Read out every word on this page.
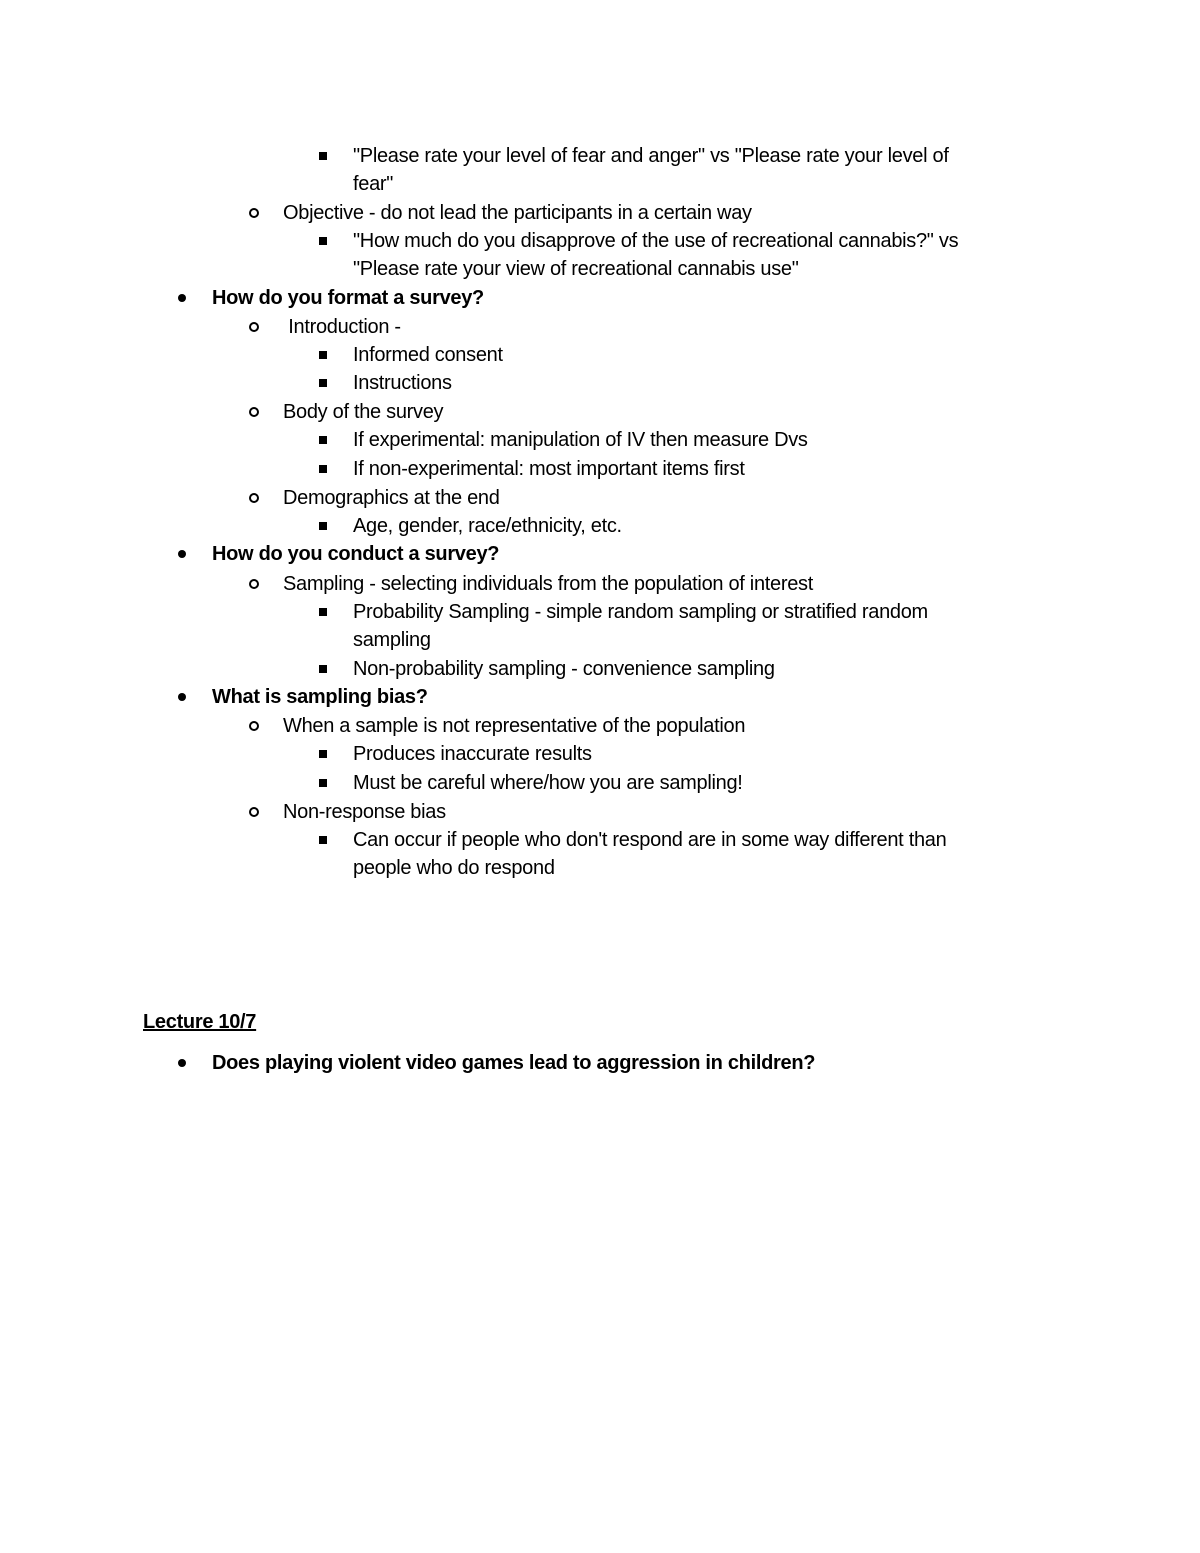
"Please rate your level of fear and anger" vs "Please rate your level of
fear"
Objective - do not lead the participants in a certain way
"How much do you disapprove of the use of recreational cannabis?" vs
"Please rate your view of recreational cannabis use"
How do you format a survey?
Introduction -
Informed consent
Instructions
Body of the survey
If experimental: manipulation of IV then measure Dvs
If non-experimental: most important items first
Demographics at the end
Age, gender, race/ethnicity, etc.
How do you conduct a survey?
Sampling - selecting individuals from the population of interest
Probability Sampling - simple random sampling or stratified random
sampling
Non-probability sampling - convenience sampling
What is sampling bias?
When a sample is not representative of the population
Produces inaccurate results
Must be careful where/how you are sampling!
Non-response bias
Can occur if people who don't respond are in some way different than
people who do respond
Lecture 10/7
Does playing violent video games lead to aggression in children?
